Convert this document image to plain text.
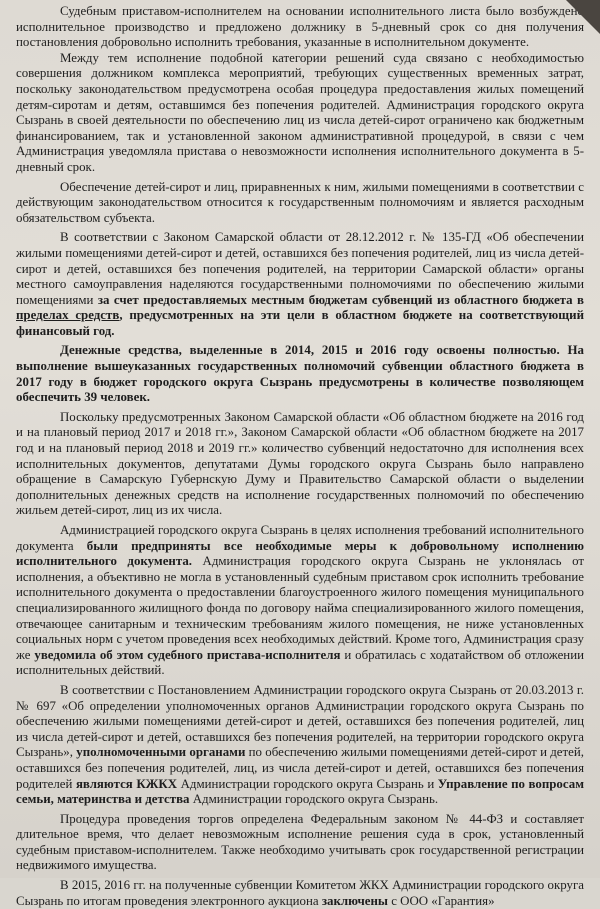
Судебным приставом-исполнителем на основании исполнительного листа было возбуждено исполнительное производство и предложено должнику в 5-дневный срок со дня получения постановления добровольно исполнить требования, указанные в исполнительном документе.

Между тем исполнение подобной категории решений суда связано с необходимостью совершения должником комплекса мероприятий, требующих существенных временных затрат, поскольку законодательством предусмотрена особая процедура предоставления жилых помещений детям-сиротам и детям, оставшимся без попечения родителей. Администрация городского округа Сызрань в своей деятельности по обеспечению лиц из числа детей-сирот ограничено как бюджетным финансированием, так и установленной законом административной процедурой, в связи с чем Администрация уведомляла пристава о невозможности исполнения исполнительного документа в 5-дневный срок.

Обеспечение детей-сирот и лиц, приравненных к ним, жилыми помещениями в соответствии с действующим законодательством относится к государственным полномочиям и является расходным обязательством субъекта.

В соответствии с Законом Самарской области от 28.12.2012 г. № 135-ГД «Об обеспечении жилыми помещениями детей-сирот и детей, оставшихся без попечения родителей, лиц из числа детей-сирот и детей, оставшихся без попечения родителей, на территории Самарской области» органы местного самоуправления наделяются государственными полномочиями по обеспечению жилыми помещениями за счет предоставляемых местным бюджетам субвенций из областного бюджета в пределах средств, предусмотренных на эти цели в областном бюджете на соответствующий финансовый год.

Денежные средства, выделенные в 2014, 2015 и 2016 году освоены полностью. На выполнение вышеуказанных государственных полномочий субвенции областного бюджета в 2017 году в бюджет городского округа Сызрань предусмотрены в количестве позволяющем обеспечить 39 человек.

Поскольку предусмотренных Законом Самарской области «Об областном бюджете на 2016 год и на плановый период 2017 и 2018 гг.», Законом Самарской области «Об областном бюджете на 2017 год и на плановый период 2018 и 2019 гг.» количество субвенций недостаточно для исполнения всех исполнительных документов, депутатами Думы городского округа Сызрань было направлено обращение в Самарскую Губернскую Думу и Правительство Самарской области о выделении дополнительных денежных средств на исполнение государственных полномочий по обеспечению жильем детей-сирот, лиц из их числа.

Администрацией городского округа Сызрань в целях исполнения требований исполнительного документа были предприняты все необходимые меры к добровольному исполнению исполнительного документа. Администрация городского округа Сызрань не уклонялась от исполнения, а объективно не могла в установленный судебным приставом срок исполнить требование исполнительного документа о предоставлении благоустроенного жилого помещения муниципального специализированного жилищного фонда по договору найма специализированного жилого помещения, отвечающее санитарным и техническим требованиям жилого помещения, не ниже установленных социальных норм с учетом проведения всех необходимых действий. Кроме того, Администрация сразу же уведомила об этом судебного пристава-исполнителя и обратилась с ходатайством об отложении исполнительных действий.

В соответствии с Постановлением Администрации городского округа Сызрань от 20.03.2013 г. № 697 «Об определении уполномоченных органов Администрации городского округа Сызрань по обеспечению жилыми помещениями детей-сирот и детей, оставшихся без попечения родителей, лиц из числа детей-сирот и детей, оставшихся без попечения родителей, на территории городского округа Сызрань», уполномоченными органами по обеспечению жилыми помещениями детей-сирот и детей, оставшихся без попечения родителей, лиц, из числа детей-сирот и детей, оставшихся без попечения родителей являются КЖКХ Администрации городского округа Сызрань и Управление по вопросам семьи, материнства и детства Администрации городского округа Сызрань.

Процедура проведения торгов определена Федеральным законом № 44-ФЗ и составляет длительное время, что делает невозможным исполнение решения суда в срок, установленный судебным приставом-исполнителем. Также необходимо учитывать срок государственной регистрации недвижимого имущества.

В 2015, 2016 гг. на полученные субвенции Комитетом ЖКХ Администрации городского округа Сызрань по итогам проведения электронного аукциона заключены с ООО «Гарантия»
